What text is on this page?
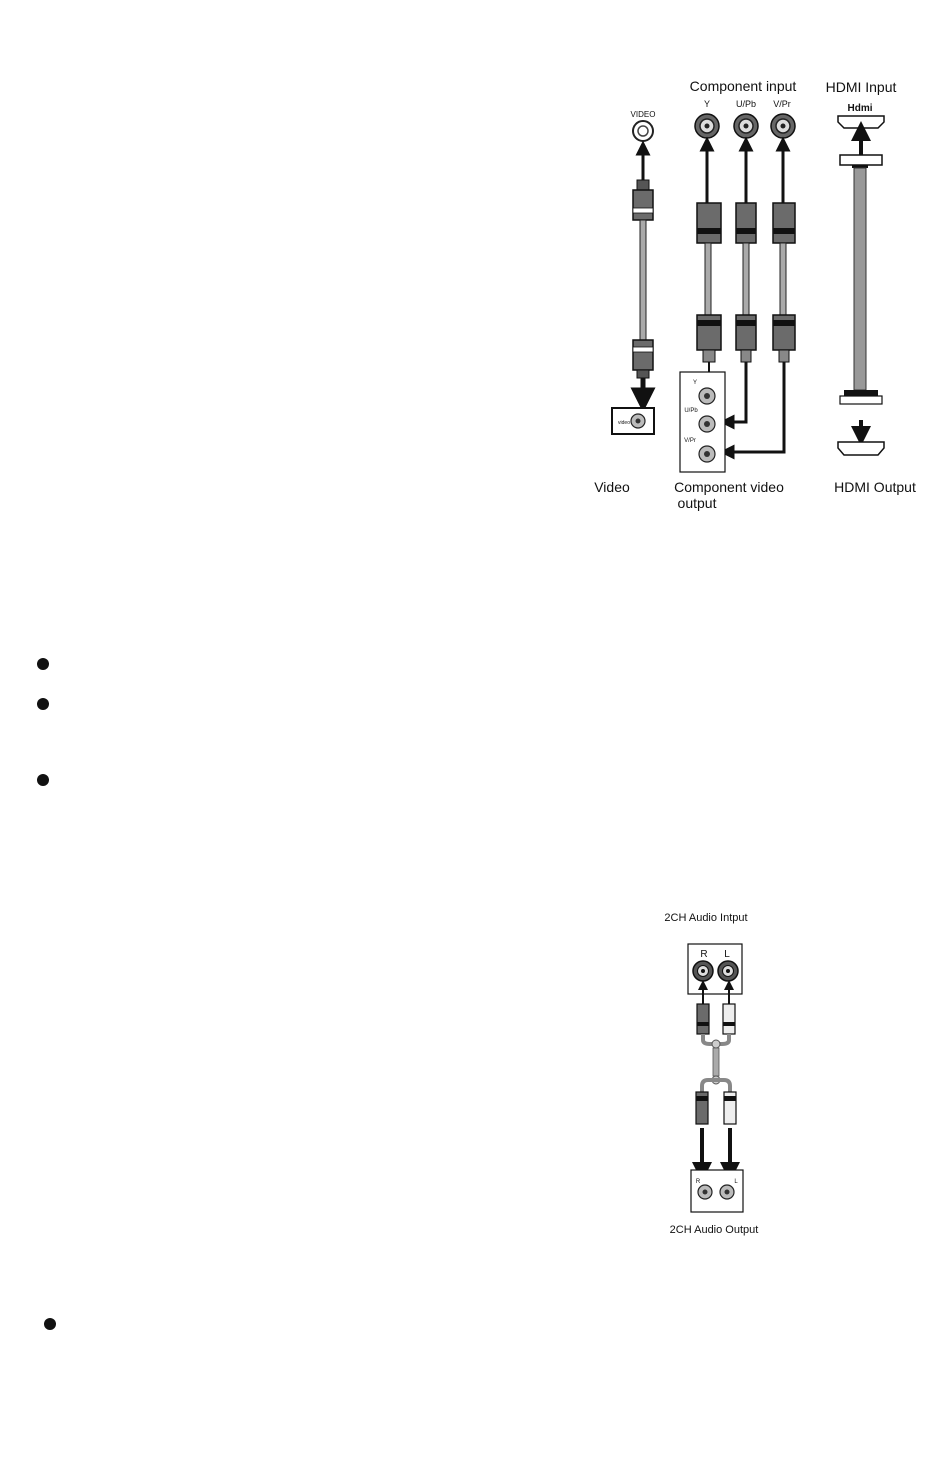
Component input HDMI Input
VIDEO
Y	U/Pb V/Pr
video
Y
U/Pb
V/Pr
Hdmi
Video	Component video
output
HDMI Output
2CH Audio Intput
R L
R	L
2CH Audio Output
